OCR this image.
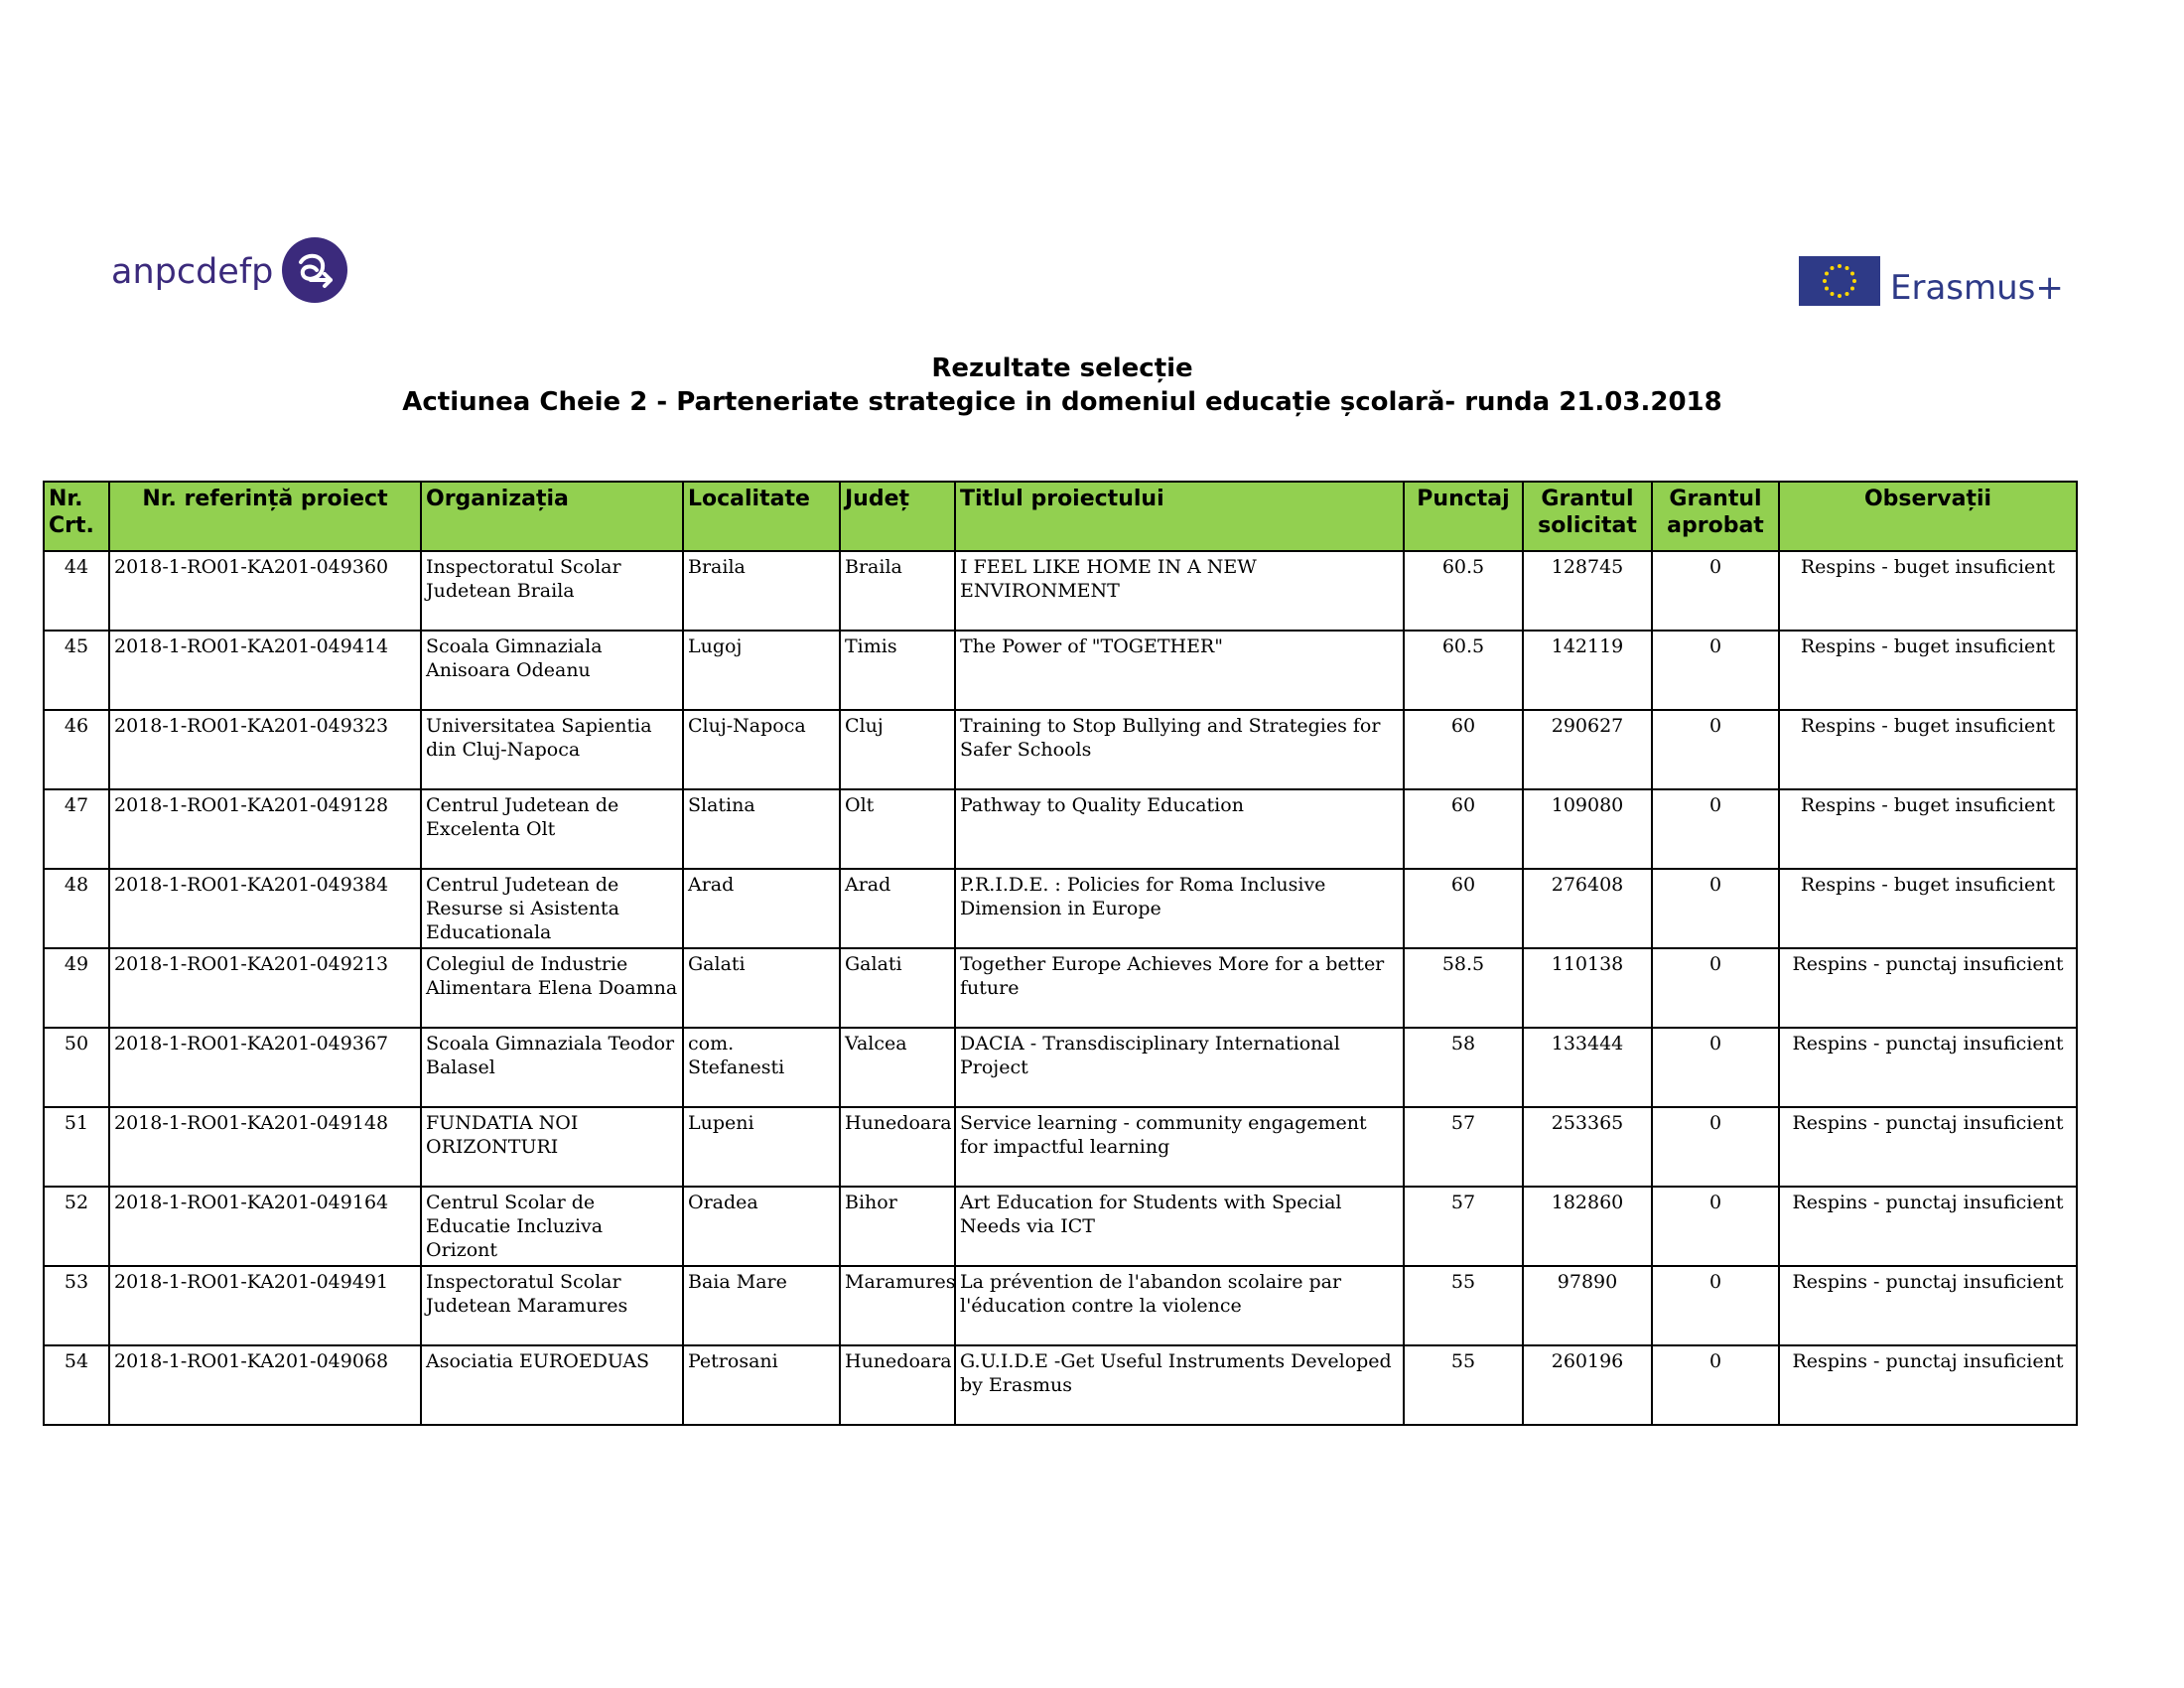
anpcdefp	Erasmus+
Rezultate selecție
Actiunea Cheie 2 - Parteneriate strategice in domeniul educație școlară- runda 21.03.2018
Nr. Crt.	Nr. referință proiect	Organizația	Localitate	Județ	Titlul proiectului	Punctaj	Grantul solicitat	Grantul aprobat	Observații
44	2018-1-RO01-KA201-049360	Inspectoratul Scolar Judetean Braila	Braila	Braila	I FEEL LIKE HOME IN A NEW ENVIRONMENT	60.5	128745	0	Respins - buget insuficient
45	2018-1-RO01-KA201-049414	Scoala Gimnaziala Anisoara Odeanu	Lugoj	Timis	The Power of "TOGETHER"	60.5	142119	0	Respins - buget insuficient
46	2018-1-RO01-KA201-049323	Universitatea Sapientia din Cluj-Napoca	Cluj-Napoca	Cluj	Training to Stop Bullying and Strategies for Safer Schools	60	290627	0	Respins - buget insuficient
47	2018-1-RO01-KA201-049128	Centrul Judetean de Excelenta Olt	Slatina	Olt	Pathway to Quality Education	60	109080	0	Respins - buget insuficient
48	2018-1-RO01-KA201-049384	Centrul Judetean de Resurse si Asistenta Educationala	Arad	Arad	P.R.I.D.E. : Policies for Roma Inclusive Dimension in Europe	60	276408	0	Respins - buget insuficient
49	2018-1-RO01-KA201-049213	Colegiul de Industrie Alimentara Elena Doamna	Galati	Galati	Together Europe Achieves More for a better future	58.5	110138	0	Respins - punctaj insuficient
50	2018-1-RO01-KA201-049367	Scoala Gimnaziala Teodor Balasel	com. Stefanesti	Valcea	DACIA - Transdisciplinary International Project	58	133444	0	Respins - punctaj insuficient
51	2018-1-RO01-KA201-049148	FUNDATIA NOI ORIZONTURI	Lupeni	Hunedoara	Service learning - community engagement for impactful learning	57	253365	0	Respins - punctaj insuficient
52	2018-1-RO01-KA201-049164	Centrul Scolar de Educatie Incluziva Orizont	Oradea	Bihor	Art Education for Students with Special Needs via ICT	57	182860	0	Respins - punctaj insuficient
53	2018-1-RO01-KA201-049491	Inspectoratul Scolar Judetean Maramures	Baia Mare	Maramures	La prévention de l'abandon scolaire par l'éducation contre la violence	55	97890	0	Respins - punctaj insuficient
54	2018-1-RO01-KA201-049068	Asociatia EUROEDUAS	Petrosani	Hunedoara	G.U.I.D.E -Get Useful Instruments Developed by Erasmus	55	260196	0	Respins - punctaj insuficient
